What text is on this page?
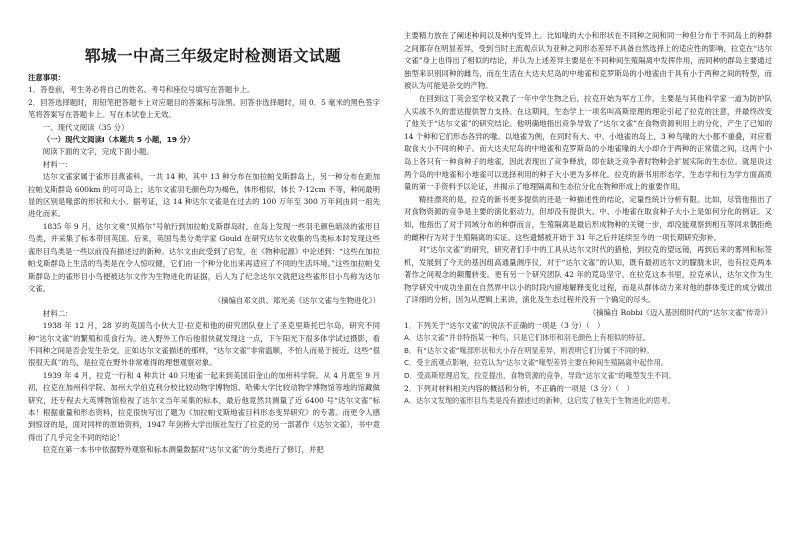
郓城一中高三年级定时检测语文试题

注意事项：

1．答卷前，考生务必将自己的姓名、考号和座位号填写在答题卡上。

2．回答选择题时，用铅笔把答题卡上对应题目的答案标号涂黑。回答非选择题时，用 0．5 毫米的黑色签字笔将答案写在答题卡上。写在本试卷上无效。

一、现代文阅读（35 分）

（一）现代文阅读Ⅰ（本题共 5 小题，19 分）

阅读下面的文字，完成下面小题。

材料一：

达尔文雀家属于雀形目燕雀科，一共 14 种，其中 13 种分布在加拉帕戈斯群岛上，另一种分布在距加拉帕戈斯群岛 600km 的可可岛上；达尔文雀羽毛颜色均为褐色，体形相似，体长 7-12cm 不等，种间最明显的区别是喙部的形状和大小。据考证，这 14 种达尔文雀是在过去的 100 万年至 300 万年间由同一祖先进化而来。

1835 年 9 月，达尔文乘“贝格尔”号航行到加拉帕戈斯群岛时，在岛上发现一些羽毛颜色暗淡的雀形目鸟类，并采集了标本带回英国。后来，英国鸟类分类学家 Gould 在研究达尔文收集的鸟类标本时发现这些雀形目鸟类是一些以前没有描述过的新种。达尔文由此受到了启发，在《物种起源》中论述到：“这些在加拉帕戈斯群岛上生活的鸟类是在令人惊叹健，它们由一个种分化出来再适应了不同的生活环境。”这些加拉帕戈斯群岛上的雀形目小鸟便被达尔文作为生物进化的证据，后人为了纪念达尔文就把这些雀形目小鸟称为达尔文雀。

（摘编自邓文洪、郑光美《达尔文雀与生物进化》）

材料二：

1938 年 12 月，28 岁的英国鸟小伙大卫·拉克和他的研究团队登上了圣克里斯托巴尔岛，研究不同种“达尔文雀”的繁殖和觅食行为。进入野外工作后他很快就发现这一点，下午阳光下很多体学试过摄影，看不同种之间是否会发生杂交。正如达尔文雀描述的那样，“达尔文雀”非常温顺，不怕人而易于接近。这些“很很很天真”的鸟，是拉克在野外非常难得的理想观察对象。

1939 年 4 月，拉克一行和 4 种共计 40 只地雀一起来到美国旧金山的加州科学院。从 4 月底至 9 月初，拉克在加州科学院、加州大学伯克利分校比较动物学博物馆、哈佛大学比较动物学博物馆等地的馆藏做研究，还专程去大英博物馆检视了达尔文当年采集的标本，最后他竟然共测量了近 6400 号“达尔文雀”标本！根据重量和形态资料，拉克很快写出了题为《加拉帕戈斯地雀目科形态变异研究》的专著。而更令人感到惊讶的是，面对同样的原始资料，1947 年剑桥大学出版社发行了拉克的另一部著作《达尔文雀》，书中竟得出了几乎完全不同的结论！

拉克在第一本书中依据野外观察和标本测量数据对“达尔文雀”的分类进行了修订，并把

主要精力放在了阐述种间以及种内变异上。比如喙的大小和形状在不同种之间和同一种但分布于不同岛上的种群之间都存在明显差异，受到当时主流观点认为亚种之间形态差异不具备自然选择上的适应性的影响，拉克在“达尔文雀”身上也得出了相似的结论，并认为上述差异主要是在不同种间生殖隔离中发挥作用，而同种的群岛主要通过独型来识别同种的雌鸟，而在生活在大达夫尼岛的中地雀和克罗斯岛的小地雀由于具有小于两种之间的特型，而被认为可能是杂交的产物。

在回到这丁英会室学校又教了一年中学生物之后，拉克开始为军方工作，主要是与其他科学家一道为防护队入实战不久的雷达提供智力支持。在这期间，生态学上一项名叫高斯原理的理论引起了拉克的注意，并最终改变了他关于“达尔文雀”的研究结论。他明确地指出竞争导致了“达尔文雀”在食物资源利用上的分化，产生了已知的 14 个种和它们形态各异的喙。以地雀为例，在同时有大、中、小地雀的岛上，3 种鸟喙的大小都不重叠，对应着取食大小不同的种子。而大达夫尼岛的中地雀和克罗斯岛的小地雀喙的大小却介于两种的正常值之间，这两个小岛上各只有一种食种子的地雀，因此表现出了竞争释放，即在缺乏竞争者时物种会扩展实际的生态位。就是说这两个岛的中地雀和小地雀可以选择利用的种子大小更为多样化。拉克的新书用形态学、生态学和行为学方面高质量的第一手资料予以论证，并揭示了地理隔离和生态位分化在物种形成上的重要作用。

精挂漂亮的是，拉克的新书更多提供的还是一种描述性的结论，定量性统计分析有限。比如，尽管他指出了对食物资源的竞争是主要的演化驱动力，但却没有提供大、中、小地雀在取食种子大小上是如何分化的例证。又如，他指出了对于同域分布的种群而言，生殖隔离是最后形成物种的关键一步，却没能观察到相互等同求偶拒绝的雌种行为对于生殖隔离的实证。这些遗憾被开始于 31 年之后并延续至今的一项长期研究弥补。

对“达尔文雀”的研究，研究者们手中的工具从达尔文时代的猎枪，到拉克的望远镜，再到后来的雾网和标签机，发展到了今天的基因组高通量测序仪，对于“达尔文雀”的认知，既有最初达尔文的朦胧未识，也有拉克两本著作之间观念的颠覆转变。更有另一个研究团队 42 年的荒岛坚守。在拉克这本书里，拉克承认，达尔文作为生物学研究中成功坐面在自然界中以小的时段内留地解释变化过程，而是从群体动力来对他的群体变迁的成分做出了详细的分析，因为从逻辑上来讲，演化及生态过程并没有一个确定的尽头。

（摘编自 Robbi《迈入基因组时代的“达尔文雀”传奇》）

1．下列关于“达尔文雀”的说法不正确的一项是（3 分）（　）

A．达尔文雀”并非特指某一种鸟，只是它们体形和羽毛颜色上有相似的特征。

B．有“达尔文雀”喙部形状和大小存在明显差异，则表明它们分属于不同的种。

C．受主流观点影响，拉克认为“达尔文雀”喙型差异主要在种间生殖隔离中起作用。

D．受高斯原理启发，拉克提出，食物资源的竞争，导致“达尔文雀”的喙型发生不同。

2．下列对材料相关内容的概括和分析，不正确的一项是（3 分）（　）

A．达尔文发现的雀形目鸟类是没有描述过的新种，这启发了他关于生物进化的思考。
